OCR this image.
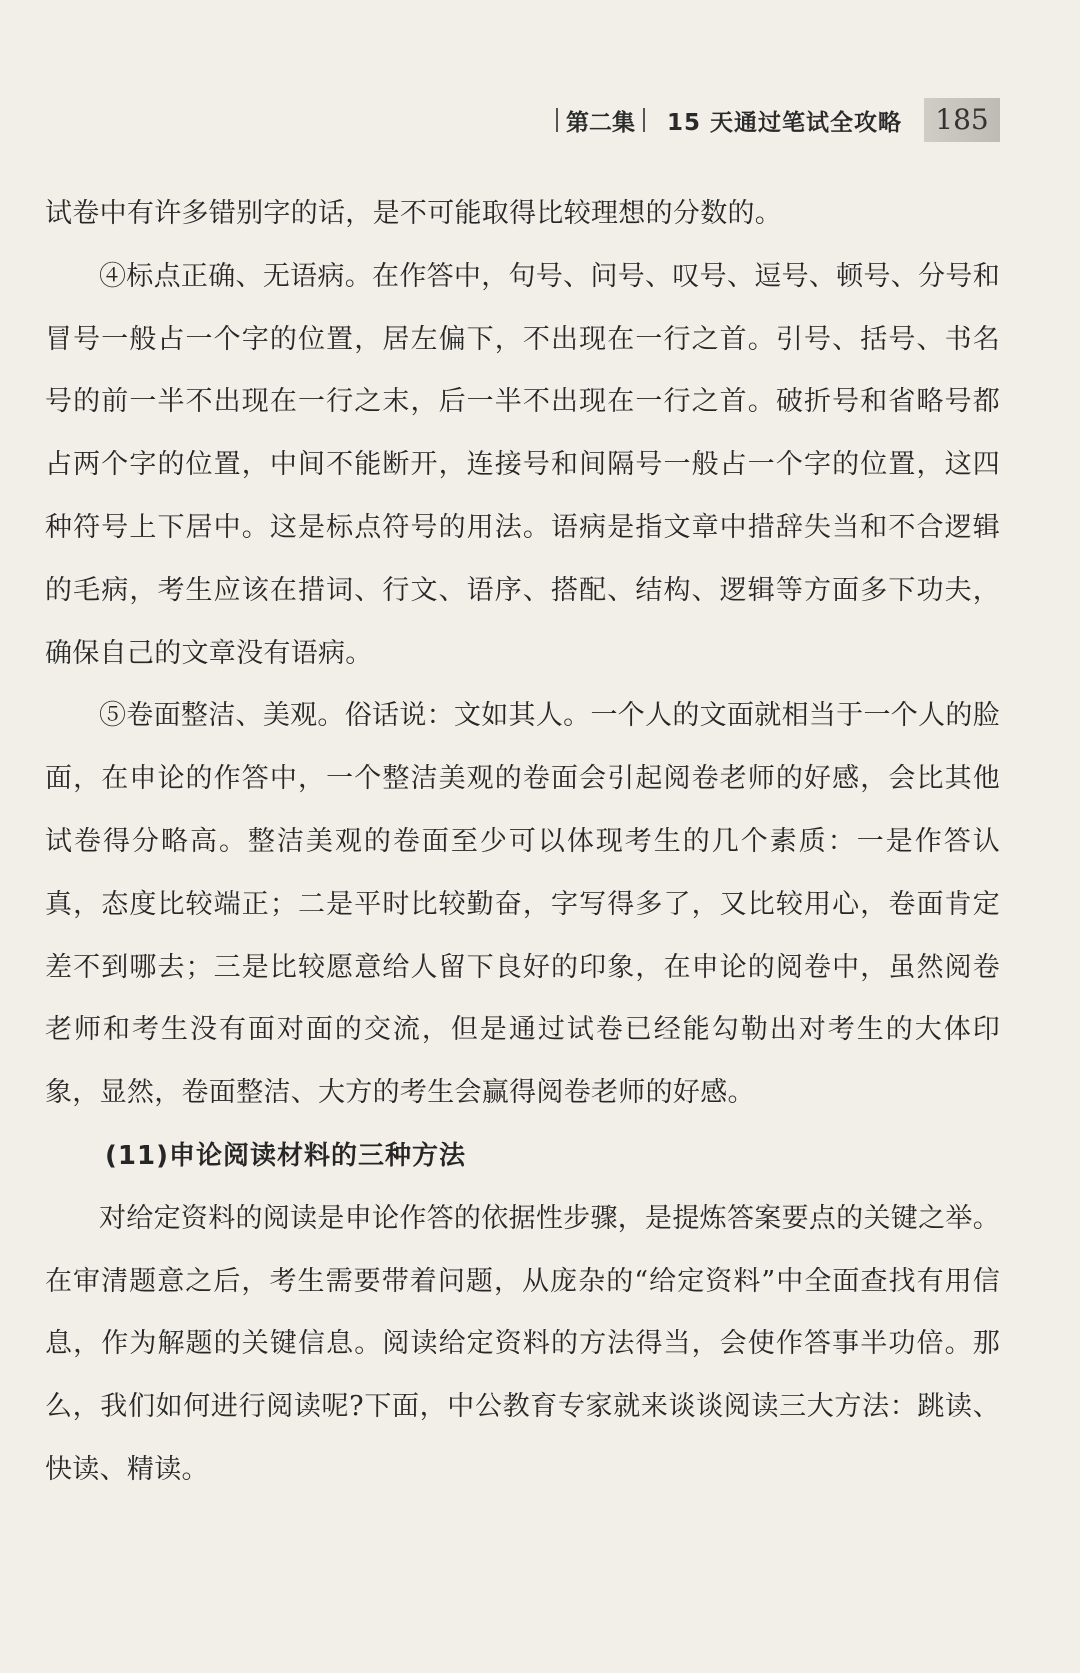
第二集 15 天通过笔试全攻略	185

试卷中有许多错别字的话，是不可能取得比较理想的分数的。

④标点正确、无语病。在作答中，句号、问号、叹号、逗号、顿号、分号和冒号一般占一个字的位置，居左偏下，不出现在一行之首。引号、括号、书名号的前一半不出现在一行之末，后一半不出现在一行之首。破折号和省略号都占两个字的位置，中间不能断开，连接号和间隔号一般占一个字的位置，这四种符号上下居中。这是标点符号的用法。语病是指文章中措辞失当和不合逻辑的毛病，考生应该在措词、行文、语序、搭配、结构、逻辑等方面多下功夫，确保自己的文章没有语病。

⑤卷面整洁、美观。俗话说：文如其人。一个人的文面就相当于一个人的脸面，在申论的作答中，一个整洁美观的卷面会引起阅卷老师的好感，会比其他试卷得分略高。整洁美观的卷面至少可以体现考生的几个素质：一是作答认真，态度比较端正；二是平时比较勤奋，字写得多了，又比较用心，卷面肯定差不到哪去；三是比较愿意给人留下良好的印象，在申论的阅卷中，虽然阅卷老师和考生没有面对面的交流，但是通过试卷已经能勾勒出对考生的大体印象，显然，卷面整洁、大方的考生会赢得阅卷老师的好感。

(11)申论阅读材料的三种方法

对给定资料的阅读是申论作答的依据性步骤，是提炼答案要点的关键之举。在审清题意之后，考生需要带着问题，从庞杂的“给定资料”中全面查找有用信息，作为解题的关键信息。阅读给定资料的方法得当，会使作答事半功倍。那么，我们如何进行阅读呢?下面，中公教育专家就来谈谈阅读三大方法：跳读、快读、精读。
